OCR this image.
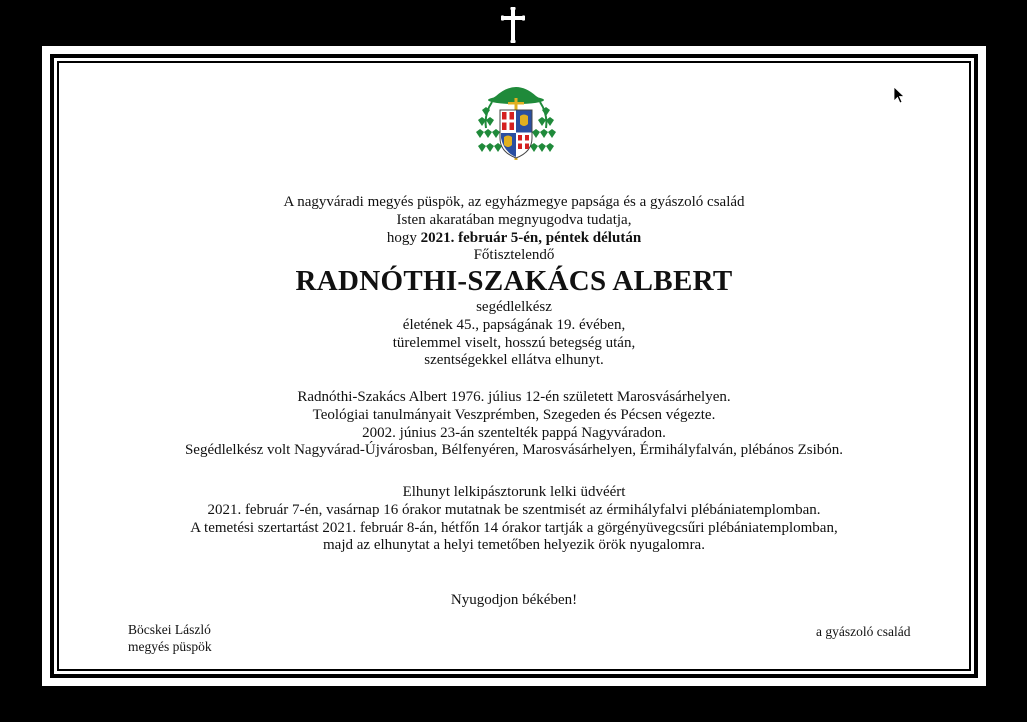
A nagyváradi megyés püspök, az egyházmegye papsága és a gyászoló család
Isten akaratában megnyugodva tudatja,
hogy 2021. február 5-én, péntek délután
Főtisztelendő
RADNÓTHI-SZAKÁCS ALBERT
segédlelkész
életének 45., papságának 19. évében,
türelemmel viselt, hosszú betegség után,
szentségekkel ellátva elhunyt.
Radnóthi-Szakács Albert 1976. július 12-én született Marosvásárhelyen.
Teológiai tanulmányait Veszprémben, Szegeden és Pécsen végezte.
2002. június 23-án szentelték pappá Nagyváradon.
Segédlelkész volt Nagyvárad-Újvárosban, Bélfenyéren, Marosvásárhelyen, Érmihályfalván, plébános Zsibón.
Elhunyt lelkipásztorunk lelki üdvéért
2021. február 7-én, vasárnap 16 órakor mutatnak be szentmisét az érmihályfalvi plébániatemplomban.
A temetési szertartást 2021. február 8-án, hétfőn 14 órakor tartják a görgényüvegcsűri plébániatemplomban,
majd az elhunytat a helyi temetőben helyezik örök nyugalomra.
Nyugodjon békében!
Böcskei László
megyés püspök
a gyászoló család
